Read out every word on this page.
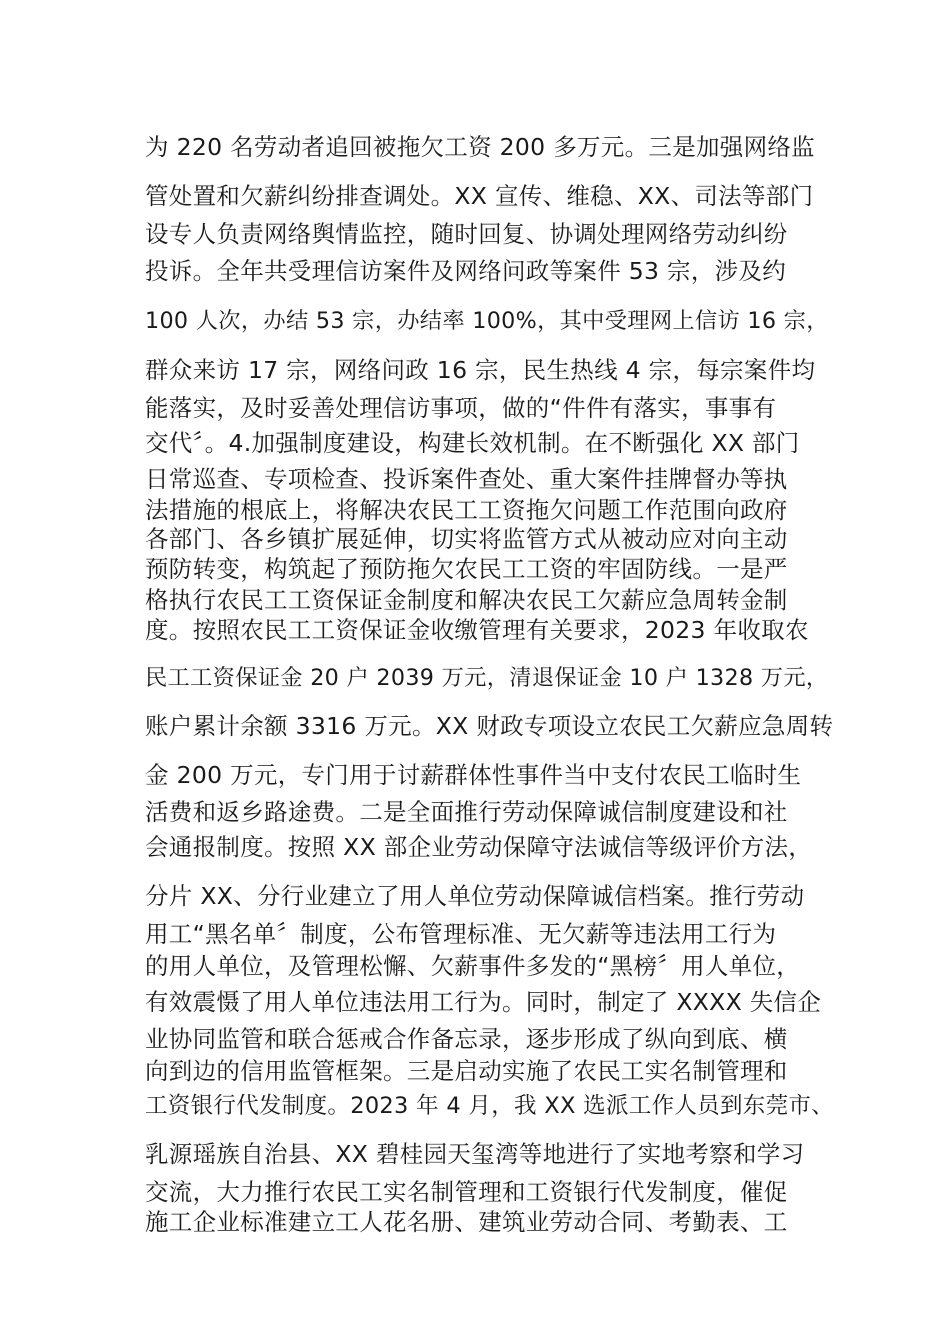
为 220 名劳动者追回被拖欠工资 200 多万元。三是加强网络监
管处置和欠薪纠纷排查调处。XX 宣传、维稳、XX、司法等部门
设专人负责网络舆情监控，随时回复、协调处理网络劳动纠纷
投诉。全年共受理信访案件及网络问政等案件 53 宗，涉及约
100 人次，办结 53 宗，办结率 100%，其中受理网上信访 16 宗，
群众来访 17 宗，网络问政 16 宗，民生热线 4 宗，每宗案件均
能落实，及时妥善处理信访事项，做的“件件有落实，事事有
交代〞。4.加强制度建设，构建长效机制。在不断强化 XX 部门
日常巡查、专项检查、投诉案件查处、重大案件挂牌督办等执
法措施的根底上，将解决农民工工资拖欠问题工作范围向政府
各部门、各乡镇扩展延伸，切实将监管方式从被动应对向主动
预防转变，构筑起了预防拖欠农民工工资的牢固防线。一是严
格执行农民工工资保证金制度和解决农民工欠薪应急周转金制
度。按照农民工工资保证金收缴管理有关要求，2023 年收取农
民工工资保证金 20 户 2039 万元，清退保证金 10 户 1328 万元，
账户累计余额 3316 万元。XX 财政专项设立农民工欠薪应急周转
金 200 万元，专门用于讨薪群体性事件当中支付农民工临时生
活费和返乡路途费。二是全面推行劳动保障诚信制度建设和社
会通报制度。按照 XX 部企业劳动保障守法诚信等级评价方法，
分片 XX、分行业建立了用人单位劳动保障诚信档案。推行劳动
用工“黑名单〞制度，公布管理标准、无欠薪等违法用工行为
的用人单位，及管理松懈、欠薪事件多发的“黑榜〞用人单位，
有效震慑了用人单位违法用工行为。同时，制定了 XXXX 失信企
业协同监管和联合惩戒合作备忘录，逐步形成了纵向到底、横
向到边的信用监管框架。三是启动实施了农民工实名制管理和
工资银行代发制度。2023 年 4 月，我 XX 选派工作人员到东莞市、
乳源瑶族自治县、XX 碧桂园天玺湾等地进行了实地考察和学习
交流，大力推行农民工实名制管理和工资银行代发制度，催促
施工企业标准建立工人花名册、建筑业劳动合同、考勤表、工
